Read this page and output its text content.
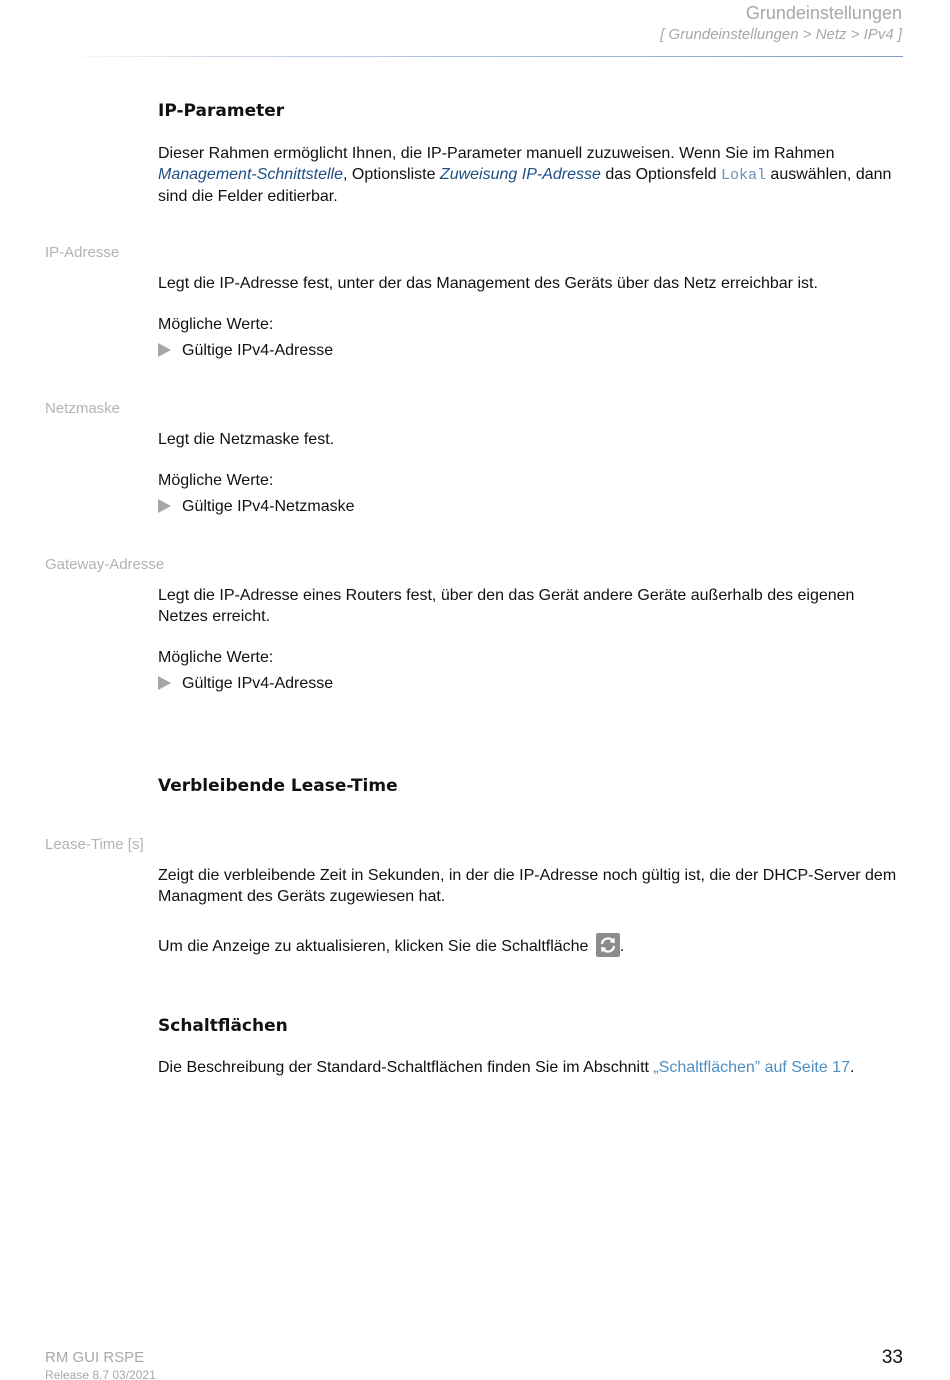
Grundeinstellungen
[ Grundeinstellungen > Netz > IPv4 ]
IP-Parameter
Dieser Rahmen ermöglicht Ihnen, die IP-Parameter manuell zuzuweisen. Wenn Sie im Rahmen Management-Schnittstelle, Optionsliste Zuweisung IP-Adresse das Optionsfeld Lokal auswählen, dann sind die Felder editierbar.
IP-Adresse
Legt die IP-Adresse fest, unter der das Management des Geräts über das Netz erreichbar ist.
Mögliche Werte:
Gültige IPv4-Adresse
Netzmaske
Legt die Netzmaske fest.
Mögliche Werte:
Gültige IPv4-Netzmaske
Gateway-Adresse
Legt die IP-Adresse eines Routers fest, über den das Gerät andere Geräte außerhalb des eigenen Netzes erreicht.
Mögliche Werte:
Gültige IPv4-Adresse
Verbleibende Lease-Time
Lease-Time [s]
Zeigt die verbleibende Zeit in Sekunden, in der die IP-Adresse noch gültig ist, die der DHCP-Server dem Managment des Geräts zugewiesen hat.
Um die Anzeige zu aktualisieren, klicken Sie die Schaltfläche
.
Schaltflächen
Die Beschreibung der Standard-Schaltflächen finden Sie im Abschnitt „Schaltflächen” auf Seite 17.
RM GUI RSPE
Release 8.7 03/2021
33
